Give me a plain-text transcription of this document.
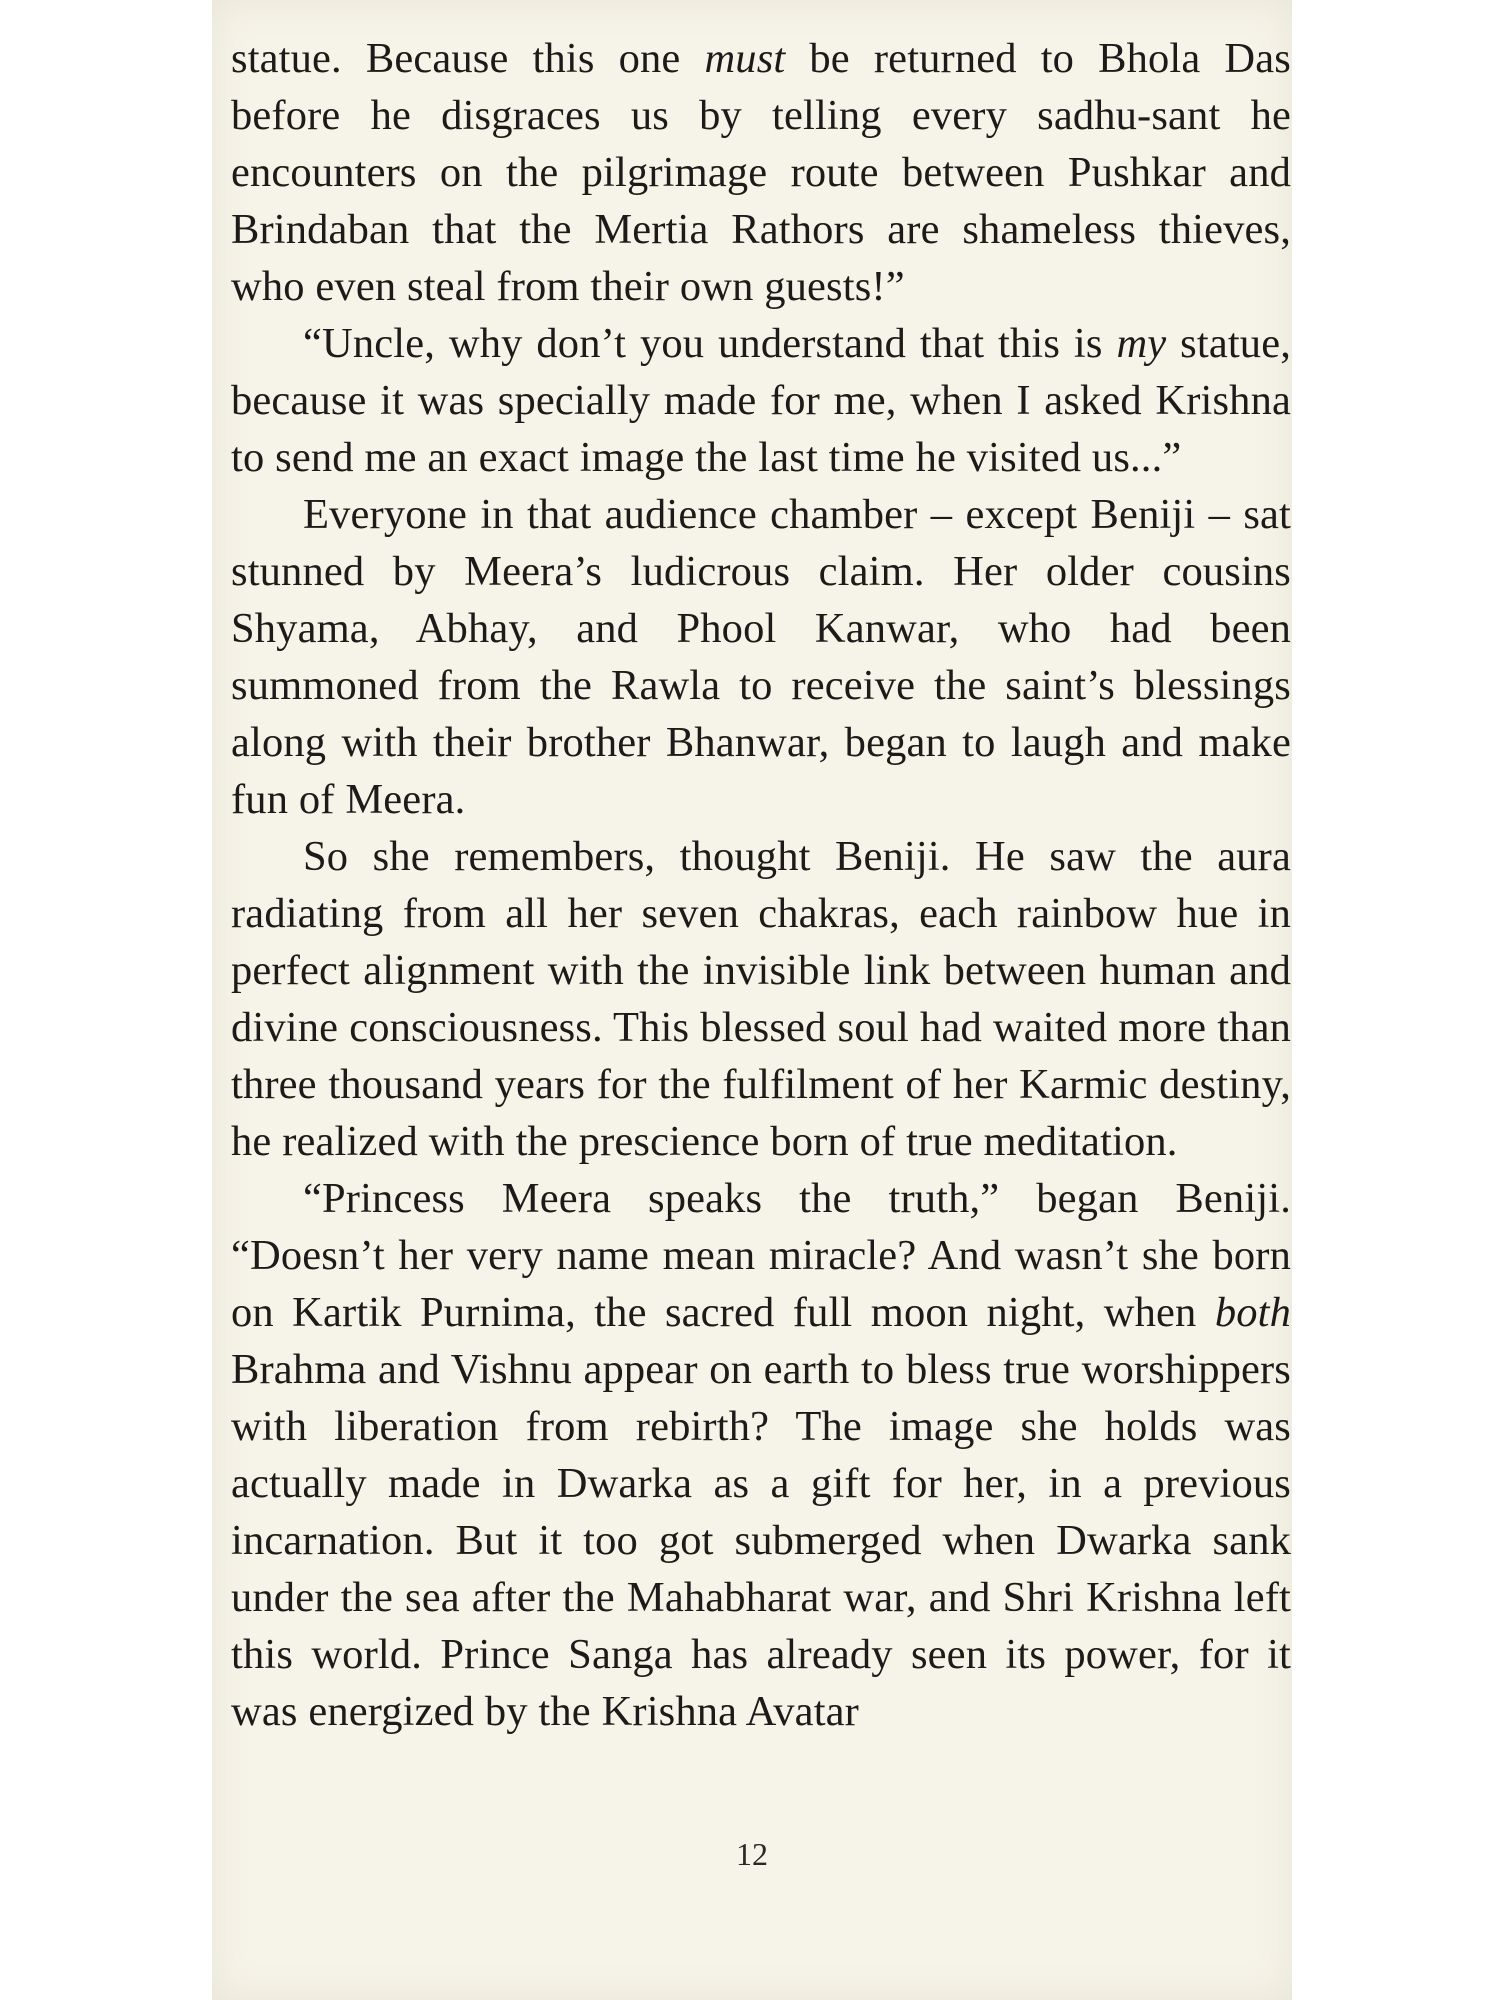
statue. Because this one must be returned to Bhola Das before he disgraces us by telling every sadhu-sant he encounters on the pilgrimage route between Pushkar and Brindaban that the Mertia Rathors are shameless thieves, who even steal from their own guests!”

“Uncle, why don’t you understand that this is my statue, because it was specially made for me, when I asked Krishna to send me an exact image the last time he visited us...”

Everyone in that audience chamber – except Beniji – sat stunned by Meera’s ludicrous claim. Her older cousins Shyama, Abhay, and Phool Kanwar, who had been summoned from the Rawla to receive the saint’s blessings along with their brother Bhanwar, began to laugh and make fun of Meera.

So she remembers, thought Beniji. He saw the aura radiating from all her seven chakras, each rainbow hue in perfect alignment with the invisible link between human and divine consciousness. This blessed soul had waited more than three thousand years for the fulfilment of her Karmic destiny, he realized with the prescience born of true meditation.

“Princess Meera speaks the truth,” began Beniji. “Doesn’t her very name mean miracle? And wasn’t she born on Kartik Purnima, the sacred full moon night, when both Brahma and Vishnu appear on earth to bless true worshippers with liberation from rebirth? The image she holds was actually made in Dwarka as a gift for her, in a previous incarnation. But it too got submerged when Dwarka sank under the sea after the Mahabharat war, and Shri Krishna left this world. Prince Sanga has already seen its power, for it was energized by the Krishna Avatar

12
